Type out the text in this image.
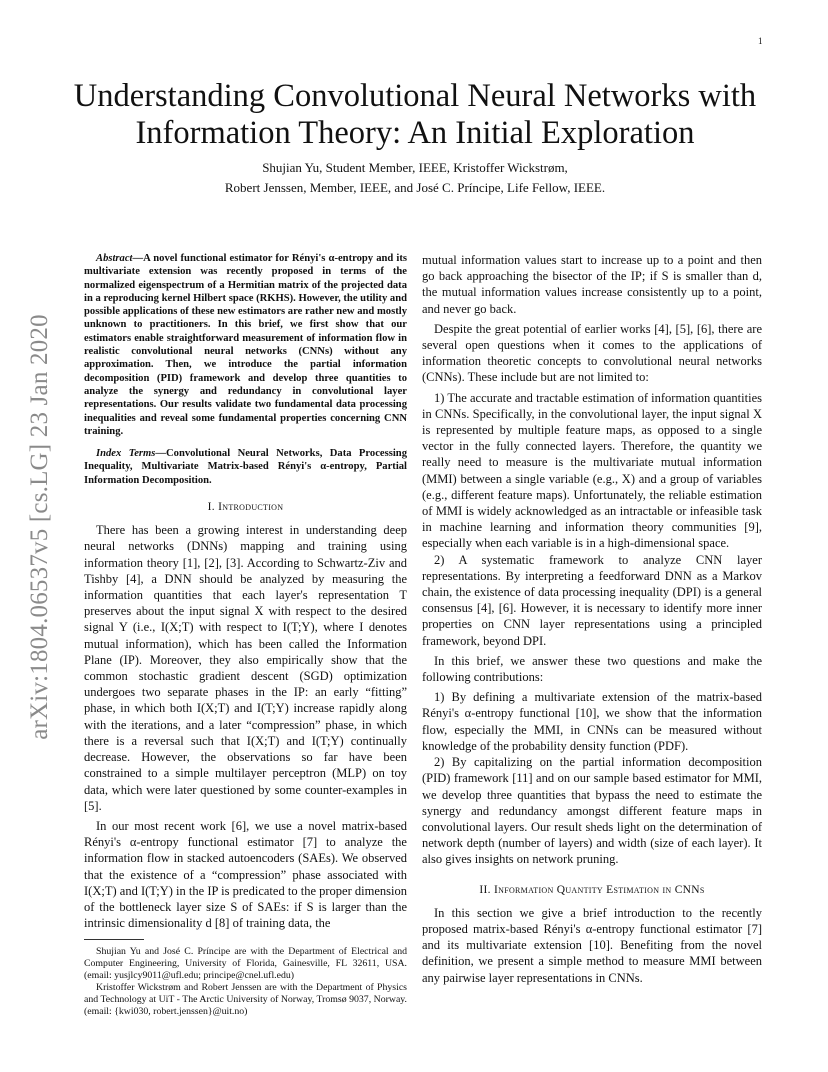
1
arXiv:1804.06537v5 [cs.LG] 23 Jan 2020
Understanding Convolutional Neural Networks with
Information Theory: An Initial Exploration
Shujian Yu, Student Member, IEEE, Kristoffer Wickstrøm,
Robert Jenssen, Member, IEEE, and José C. Príncipe, Life Fellow, IEEE.

Abstract—A novel functional estimator for Rényi's α-entropy and its multivariate extension was recently proposed in terms of the normalized eigenspectrum of a Hermitian matrix of the projected data in a reproducing kernel Hilbert space (RKHS). However, the utility and possible applications of these new estimators are rather new and mostly unknown to practitioners. In this brief, we first show that our estimators enable straightforward measurement of information flow in realistic convolutional neural networks (CNNs) without any approximation. Then, we introduce the partial information decomposition (PID) framework and develop three quantities to analyze the synergy and redundancy in convolutional layer representations. Our results validate two fundamental data processing inequalities and reveal some fundamental properties concerning CNN training.

Index Terms—Convolutional Neural Networks, Data Processing Inequality, Multivariate Matrix-based Rényi's α-entropy, Partial Information Decomposition.

I. Introduction

There has been a growing interest in understanding deep neural networks (DNNs) mapping and training using information theory [1], [2], [3]. According to Schwartz-Ziv and Tishby [4], a DNN should be analyzed by measuring the information quantities that each layer's representation T preserves about the input signal X with respect to the desired signal Y (i.e., I(X;T) with respect to I(T;Y), where I denotes mutual information), which has been called the Information Plane (IP). Moreover, they also empirically show that the common stochastic gradient descent (SGD) optimization undergoes two separate phases in the IP: an early “fitting” phase, in which both I(X;T) and I(T;Y) increase rapidly along with the iterations, and a later “compression” phase, in which there is a reversal such that I(X;T) and I(T;Y) continually decrease. However, the observations so far have been constrained to a simple multilayer perceptron (MLP) on toy data, which were later questioned by some counter-examples in [5].

In our most recent work [6], we use a novel matrix-based Rényi's α-entropy functional estimator [7] to analyze the information flow in stacked autoencoders (SAEs). We observed that the existence of a “compression” phase associated with I(X;T) and I(T;Y) in the IP is predicated to the proper dimension of the bottleneck layer size S of SAEs: if S is larger than the intrinsic dimensionality d [8] of training data, the

Shujian Yu and José C. Príncipe are with the Department of Electrical and Computer Engineering, University of Florida, Gainesville, FL 32611, USA. (email: yusjlcy9011@ufl.edu; principe@cnel.ufl.edu)

Kristoffer Wickstrøm and Robert Jenssen are with the Department of Physics and Technology at UiT - The Arctic University of Norway, Tromsø 9037, Norway. (email: {kwi030, robert.jenssen}@uit.no)

mutual information values start to increase up to a point and then go back approaching the bisector of the IP; if S is smaller than d, the mutual information values increase consistently up to a point, and never go back.

Despite the great potential of earlier works [4], [5], [6], there are several open questions when it comes to the applications of information theoretic concepts to convolutional neural networks (CNNs). These include but are not limited to:

1) The accurate and tractable estimation of information quantities in CNNs. Specifically, in the convolutional layer, the input signal X is represented by multiple feature maps, as opposed to a single vector in the fully connected layers. Therefore, the quantity we really need to measure is the multivariate mutual information (MMI) between a single variable (e.g., X) and a group of variables (e.g., different feature maps). Unfortunately, the reliable estimation of MMI is widely acknowledged as an intractable or infeasible task in machine learning and information theory communities [9], especially when each variable is in a high-dimensional space.

2) A systematic framework to analyze CNN layer representations. By interpreting a feedforward DNN as a Markov chain, the existence of data processing inequality (DPI) is a general consensus [4], [6]. However, it is necessary to identify more inner properties on CNN layer representations using a principled framework, beyond DPI.

In this brief, we answer these two questions and make the following contributions:

1) By defining a multivariate extension of the matrix-based Rényi's α-entropy functional [10], we show that the information flow, especially the MMI, in CNNs can be measured without knowledge of the probability density function (PDF).

2) By capitalizing on the partial information decomposition (PID) framework [11] and on our sample based estimator for MMI, we develop three quantities that bypass the need to estimate the synergy and redundancy amongst different feature maps in convolutional layers. Our result sheds light on the determination of network depth (number of layers) and width (size of each layer). It also gives insights on network pruning.

II. Information Quantity Estimation in CNNs

In this section we give a brief introduction to the recently proposed matrix-based Rényi's α-entropy functional estimator [7] and its multivariate extension [10]. Benefiting from the novel definition, we present a simple method to measure MMI between any pairwise layer representations in CNNs.
